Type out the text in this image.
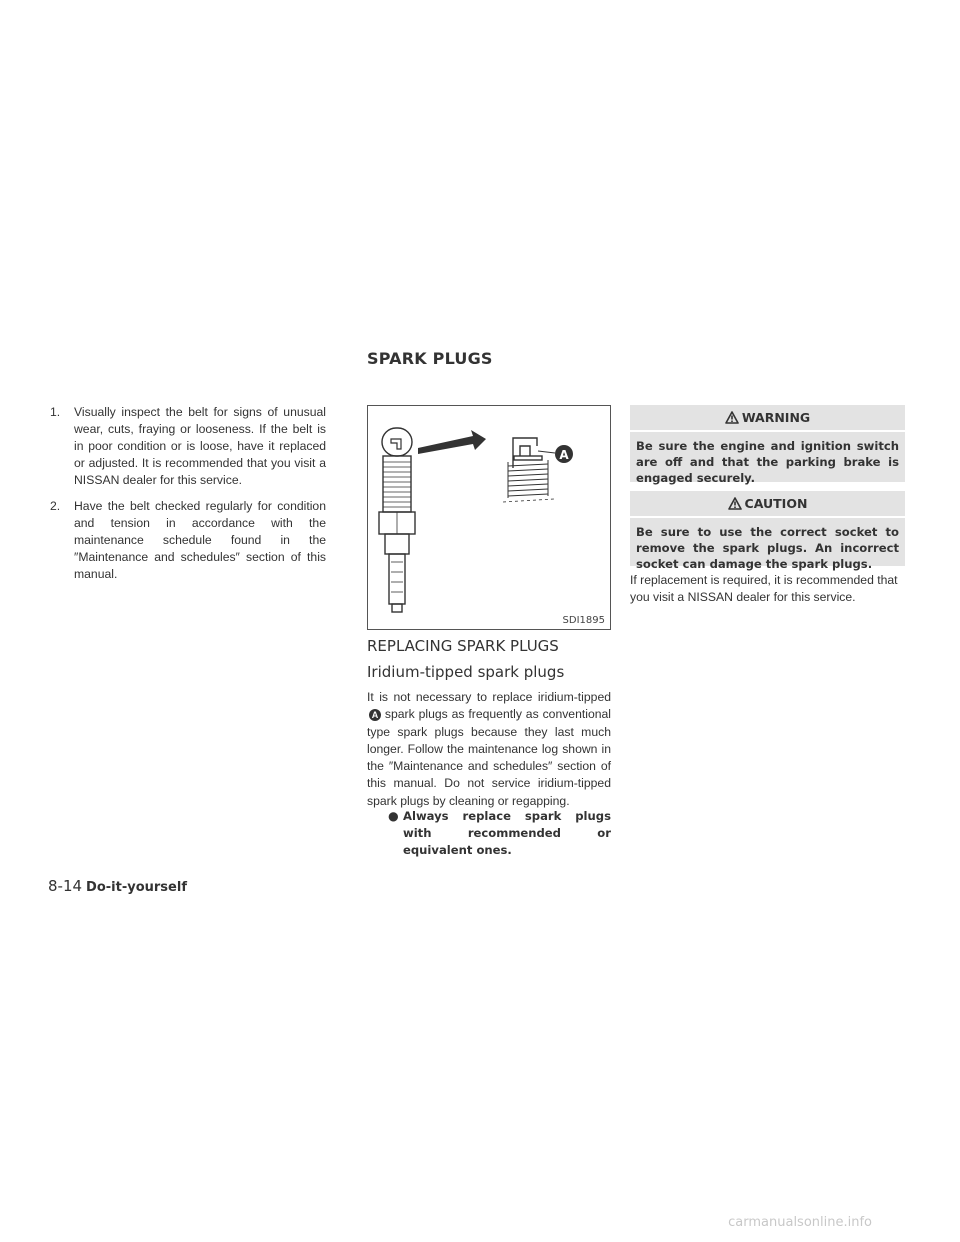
SPARK PLUGS
1. Visually inspect the belt for signs of unusual wear, cuts, fraying or looseness. If the belt is in poor condition or is loose, have it replaced or adjusted. It is recommended that you visit a NISSAN dealer for this service.
2. Have the belt checked regularly for condition and tension in accordance with the maintenance schedule found in the ″Maintenance and schedules″ section of this manual.
A
SDI1895
REPLACING SPARK PLUGS
Iridium-tipped spark plugs

It is not necessary to replace iridium-tippedA spark plugs as frequently as conventional type spark plugs because they last much longer. Follow the maintenance log shown in the ″Maintenance and schedules″ section of this manual. Do not service iridium-tipped spark plugs by cleaning or regapping.

● Always replace spark plugs with recommended or equivalent ones.
WARNING
Be sure the engine and ignition switch are off and that the parking brake is engaged securely.
CAUTION
Be sure to use the correct socket to remove the spark plugs. An incorrect socket can damage the spark plugs.

If replacement is required, it is recommended that you visit a NISSAN dealer for this service.

8-14 Do-it-yourself
carmanualsonline.info
